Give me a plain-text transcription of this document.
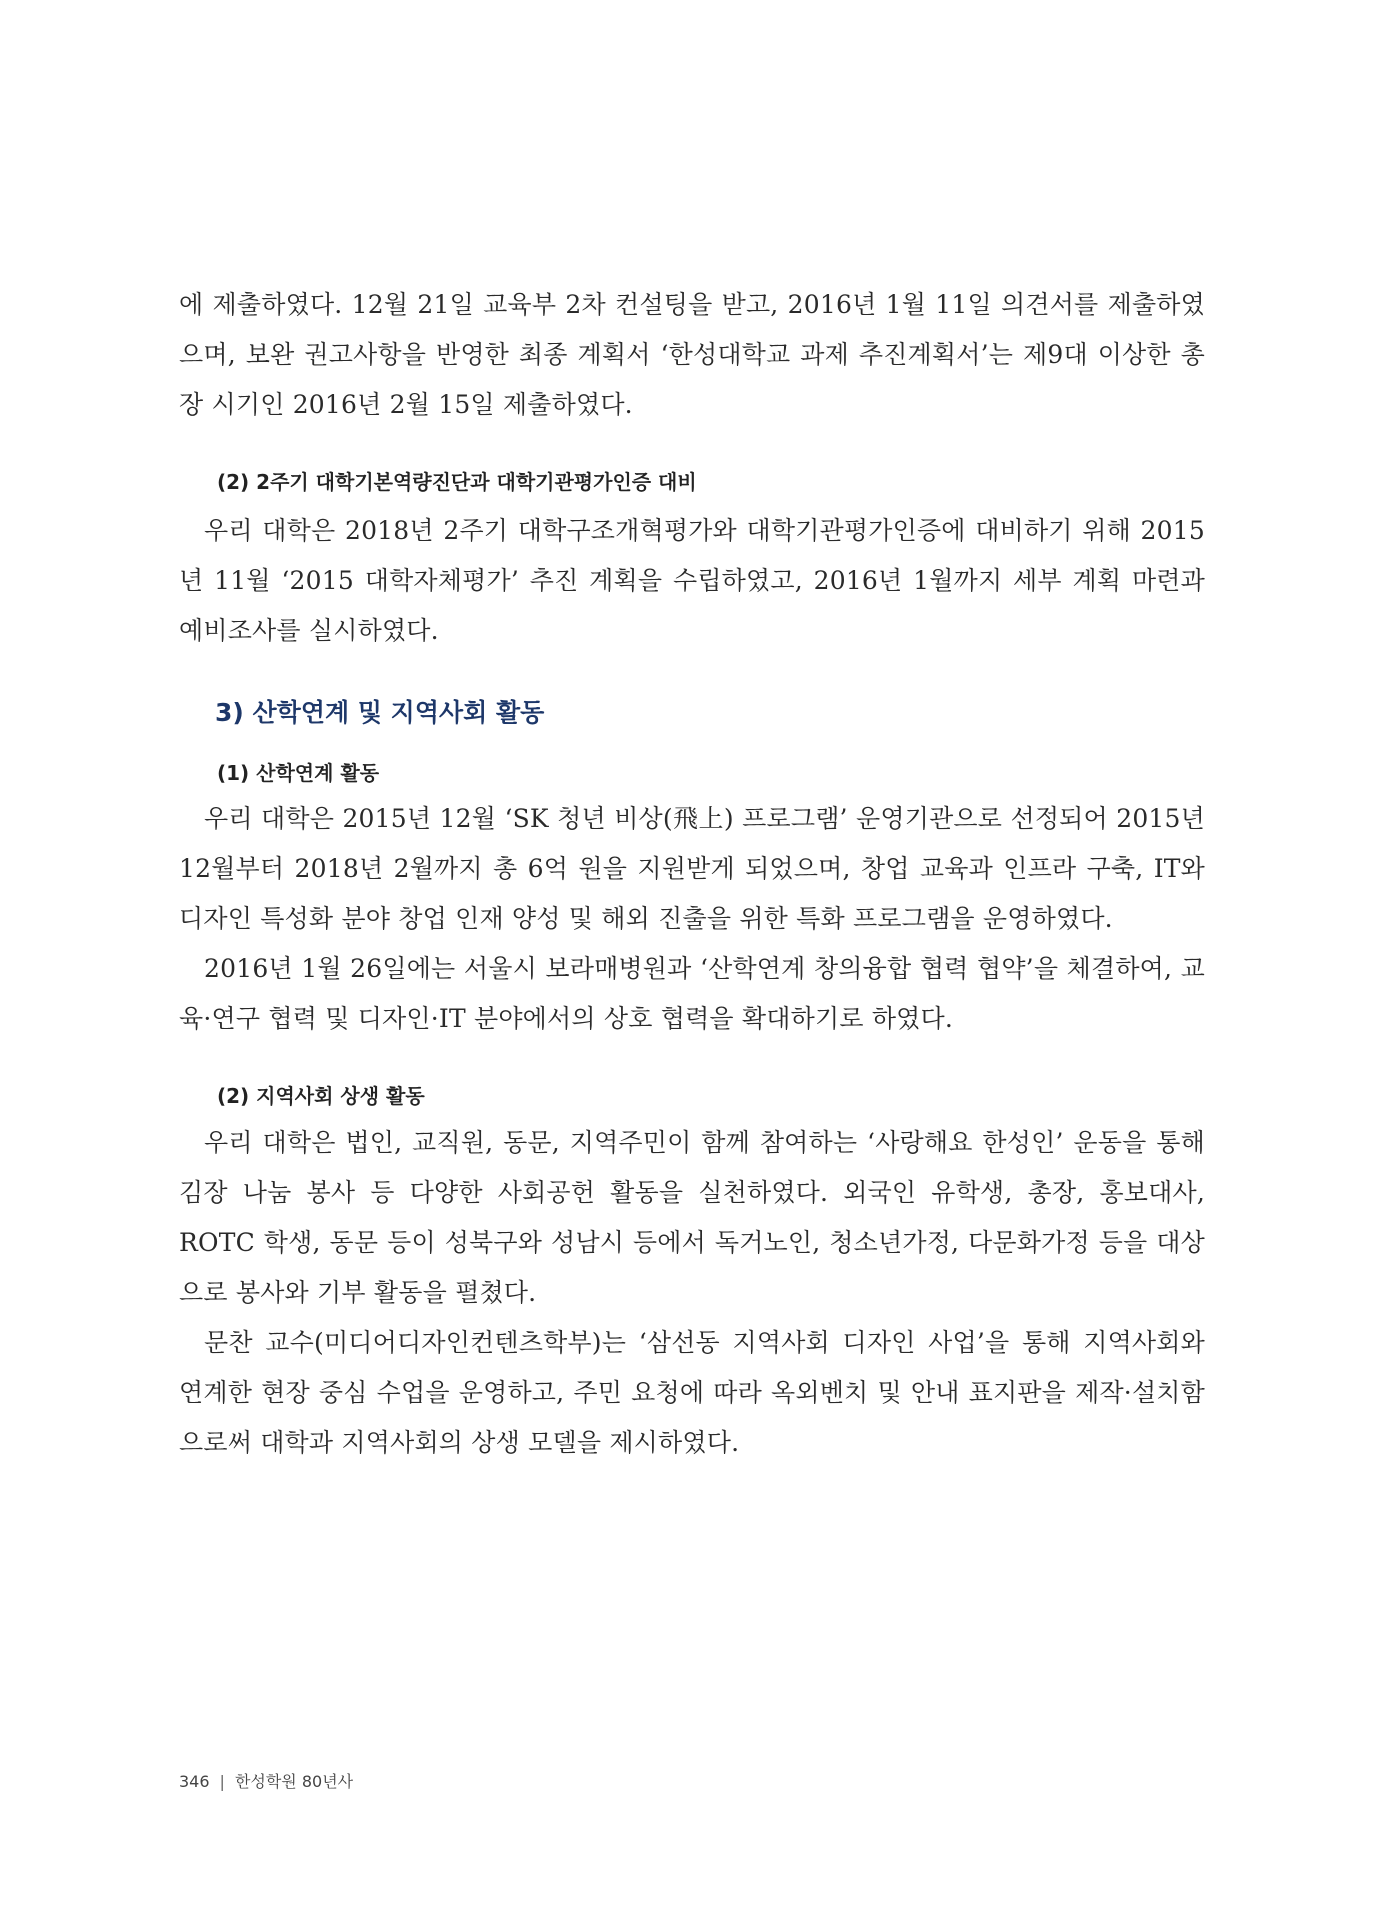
에 제출하였다. 12월 21일 교육부 2차 컨설팅을 받고, 2016년 1월 11일 의견서를 제출하였으며, 보완 권고사항을 반영한 최종 계획서 ‘한성대학교 과제 추진계획서’는 제9대 이상한 총장 시기인 2016년 2월 15일 제출하였다.

(2) 2주기 대학기본역량진단과 대학기관평가인증 대비

우리 대학은 2018년 2주기 대학구조개혁평가와 대학기관평가인증에 대비하기 위해 2015년 11월 ‘2015 대학자체평가’ 추진 계획을 수립하였고, 2016년 1월까지 세부 계획 마련과 예비조사를 실시하였다.

3) 산학연계 및 지역사회 활동
(1) 산학연계 활동

우리 대학은 2015년 12월 ‘SK 청년 비상(飛上) 프로그램’ 운영기관으로 선정되어 2015년 12월부터 2018년 2월까지 총 6억 원을 지원받게 되었으며, 창업 교육과 인프라 구축, IT와 디자인 특성화 분야 창업 인재 양성 및 해외 진출을 위한 특화 프로그램을 운영하였다.

2016년 1월 26일에는 서울시 보라매병원과 ‘산학연계 창의융합 협력 협약’을 체결하여, 교육·연구 협력 및 디자인·IT 분야에서의 상호 협력을 확대하기로 하였다.

(2) 지역사회 상생 활동

우리 대학은 법인, 교직원, 동문, 지역주민이 함께 참여하는 ‘사랑해요 한성인’ 운동을 통해 김장 나눔 봉사 등 다양한 사회공헌 활동을 실천하였다. 외국인 유학생, 총장, 홍보대사, ROTC 학생, 동문 등이 성북구와 성남시 등에서 독거노인, 청소년가정, 다문화가정 등을 대상으로 봉사와 기부 활동을 펼쳤다.

문찬 교수(미디어디자인컨텐츠학부)는 ‘삼선동 지역사회 디자인 사업’을 통해 지역사회와 연계한 현장 중심 수업을 운영하고, 주민 요청에 따라 옥외벤치 및 안내 표지판을 제작·설치함으로써 대학과 지역사회의 상생 모델을 제시하였다.

346 | 한성학원 80년사
